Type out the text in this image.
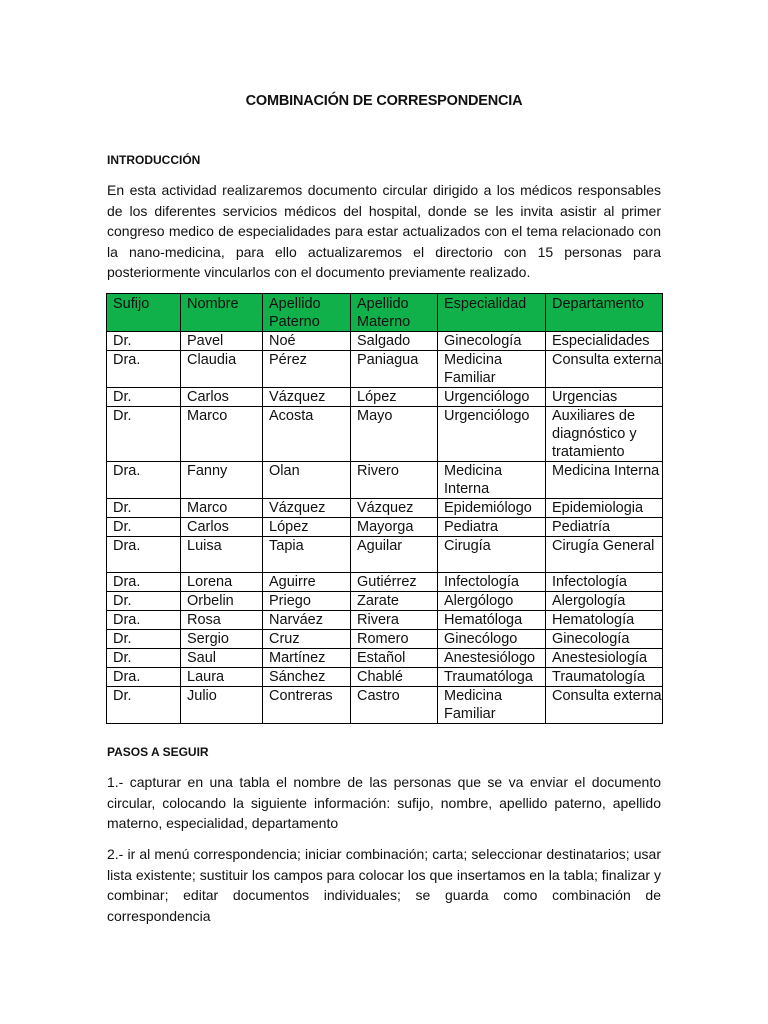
COMBINACIÓN DE CORRESPONDENCIA
INTRODUCCIÓN

En esta actividad realizaremos documento circular dirigido a los médicos responsables de los diferentes servicios médicos del hospital, donde se les invita asistir al primer congreso medico de especialidades para estar actualizados con el tema relacionado con la nano-medicina, para ello actualizaremos el directorio con 15 personas para posteriormente vincularlos con el documento previamente realizado.

Sufijo	Nombre	Apellido Paterno	Apellido Materno	Especialidad	Departamento
Dr.	Pavel	Noé	Salgado	Ginecología	Especialidades
Dra.	Claudia	Pérez	Paniagua	Medicina Familiar	Consulta externa
Dr.	Carlos	Vázquez	López	Urgenciólogo	Urgencias
Dr.	Marco	Acosta	Mayo	Urgenciólogo	Auxiliares de diagnóstico y tratamiento
Dra.	Fanny	Olan	Rivero	Medicina Interna	Medicina Interna
Dr.	Marco	Vázquez	Vázquez	Epidemiólogo	Epidemiologia
Dr.	Carlos	López	Mayorga	Pediatra	Pediatría
Dra.	Luisa	Tapia	Aguilar	Cirugía	Cirugía General
Dra.	Lorena	Aguirre	Gutiérrez	Infectología	Infectología
Dr.	Orbelin	Priego	Zarate	Alergólogo	Alergología
Dra.	Rosa	Narváez	Rivera	Hematóloga	Hematología
Dr.	Sergio	Cruz	Romero	Ginecólogo	Ginecología
Dr.	Saul	Martínez	Estañol	Anestesiólogo	Anestesiología
Dra.	Laura	Sánchez	Chablé	Traumatóloga	Traumatología
Dr.	Julio	Contreras	Castro	Medicina Familiar	Consulta externa
PASOS A SEGUIR

1.- capturar en una tabla el nombre de las personas que se va enviar el documento circular, colocando la siguiente información: sufijo, nombre, apellido paterno, apellido materno, especialidad, departamento

2.- ir al menú correspondencia; iniciar combinación; carta; seleccionar destinatarios; usar lista existente; sustituir los campos para colocar los que insertamos en la tabla; finalizar y combinar; editar documentos individuales; se guarda como combinación de correspondencia
